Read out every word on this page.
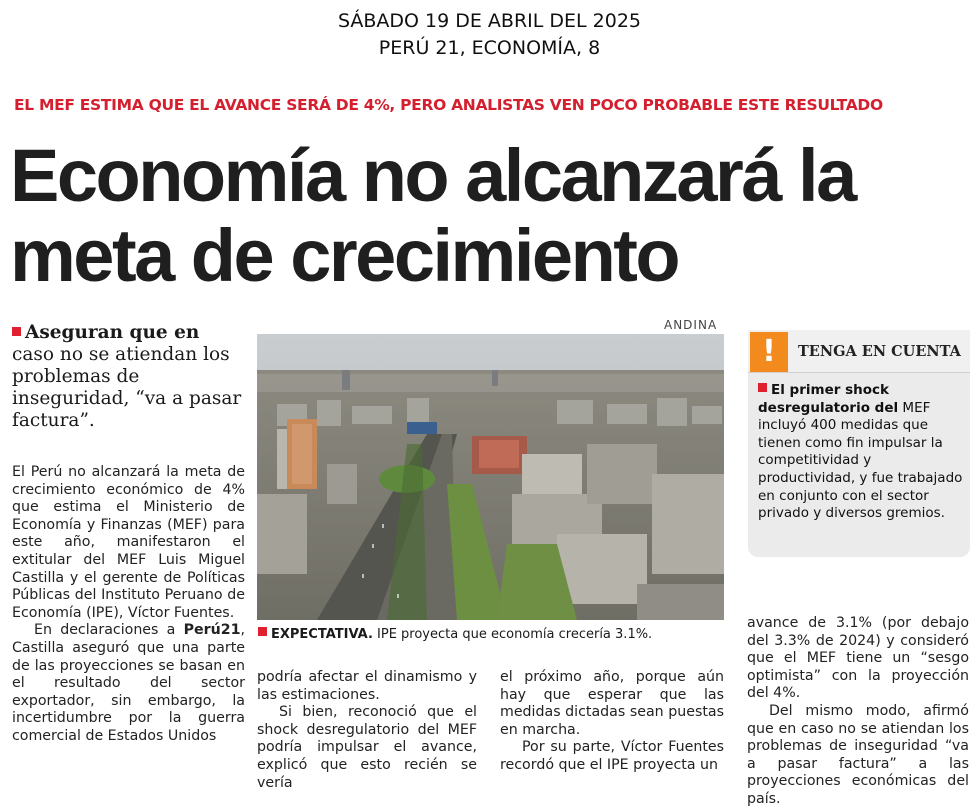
SÁBADO 19 DE ABRIL DEL 2025
PERÚ 21, ECONOMÍA, 8
EL MEF ESTIMA QUE EL AVANCE SERÁ DE 4%, PERO ANALISTAS VEN POCO PROBABLE ESTE RESULTADO
Economía no alcanzará la
meta de crecimiento
Aseguran que en caso no se atiendan los problemas de inseguridad, “va a pasar factura”.

El Perú no alcanzará la meta de crecimiento económico de 4% que estima el Ministerio de Economía y Finanzas (MEF) para este año, manifestaron el extitular del MEF Luis Miguel Castilla y el gerente de Políticas Públicas del Instituto Peruano de Economía (IPE), Víctor Fuentes.

En declaraciones a Perú21, Castilla aseguró que una parte de las proyecciones se basan en el resultado del sector exportador, sin embargo, la incertidumbre por la guerra comercial de Estados Unidos

ANDINA
EXPECTATIVA. IPE proyecta que economía crecería 3.1%.
!	TENGA EN CUENTA
El primer shock desregulatorio del MEF incluyó 400 medidas que tienen como fin impulsar la competitividad y productividad, y fue trabajado en conjunto con el sector privado y diversos gremios.

podría afectar el dinamismo y las estimaciones.

Si bien, reconoció que el shock desregulatorio del MEF podría impulsar el avance, explicó que esto recién se vería

el próximo año, porque aún hay que esperar que las medidas dictadas sean puestas en marcha.

Por su parte, Víctor Fuentes recordó que el IPE proyecta un

avance de 3.1% (por debajo del 3.3% de 2024) y consideró que el MEF tiene un “sesgo optimista” con la proyección del 4%.

Del mismo modo, afirmó que en caso no se atiendan los problemas de inseguridad “va a pasar factura” a las proyecciones económicas del país.
